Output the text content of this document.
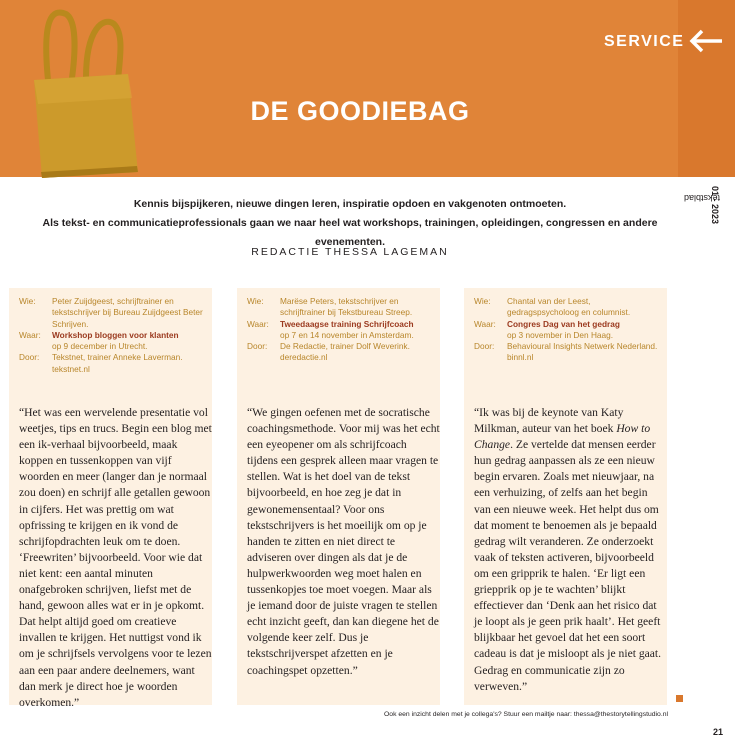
DE GOODIEBAG
SERVICE
tekstblad
01 - 2023
Kennis bijspijkeren, nieuwe dingen leren, inspiratie opdoen en vakgenoten ontmoeten.
Als tekst- en communicatieprofessionals gaan we naar heel wat workshops, trainingen, opleidingen, congressen en andere evenementen.
REDACTIE THESSA LAGEMAN
Wie:	Peter Zuijdgeest, schrijftrainer en tekstschrijver bij Bureau Zuijdgeest Beter Schrijven.
Waar:	Workshop bloggen voor klanten
op 9 december in Utrecht.
Door:	Tekstnet, trainer Anneke Laverman. tekstnet.nl
“Het was een wervelende presentatie vol weetjes, tips en trucs. Begin een blog met een ik-verhaal bijvoorbeeld, maak koppen en tussenkoppen van vijf woorden en meer (langer dan je normaal zou doen) en schrijf alle getallen gewoon in cijfers. Het was prettig om wat opfrissing te krijgen en ik vond de schrijfopdrachten leuk om te doen. ‘Freewriten’ bijvoorbeeld. Voor wie dat niet kent: een aantal minuten onafgebroken schrijven, liefst met de hand, gewoon alles wat er in je opkomt. Dat helpt altijd goed om creatieve invallen te krijgen. Het nuttigst vond ik om je schrijfsels vervolgens voor te lezen aan een paar andere deelnemers, want dan merk je direct hoe je woorden overkomen.”
Wie:	Marëse Peters, tekstschrijver en schrijftrainer bij Tekstbureau Streep.
Waar:	Tweedaagse training Schrijfcoach
op 7 en 14 november in Amsterdam.
Door:	De Redactie, trainer Dolf Weverink. deredactie.nl
“We gingen oefenen met de socratische coachingsmethode. Voor mij was het echt een eyeopener om als schrijfcoach tijdens een gesprek alleen maar vragen te stellen. Wat is het doel van de tekst bijvoorbeeld, en hoe zeg je dat in gewonemensentaal? Voor ons tekstschrijvers is het moeilijk om op je handen te zitten en niet direct te adviseren over dingen als dat je de hulpwerkwoorden weg moet halen en tussenkopjes toe moet voegen. Maar als je iemand door de juiste vragen te stellen echt inzicht geeft, dan kan diegene het de volgende keer zelf. Dus je tekstschrijverspet afzetten en je coachingspet opzetten.”
Wie:	Chantal van der Leest, gedragspsycholoog en columnist.
Waar:	Congres Dag van het gedrag
op 3 november in Den Haag.
Door:	Behavioural Insights Netwerk Nederland. binnl.nl
“Ik was bij de keynote van Katy Milkman, auteur van het boek How to Change. Ze vertelde dat mensen eerder hun gedrag aanpassen als ze een nieuw begin ervaren. Zoals met nieuwjaar, na een verhuizing, of zelfs aan het begin van een nieuwe week. Het helpt dus om dat moment te benoemen als je bepaald gedrag wilt veranderen. Ze onderzoekt vaak of teksten activeren, bijvoorbeeld om een gripprik te halen. ‘Er ligt een griepprik op je te wachten’ blijkt effectiever dan ‘Denk aan het risico dat je loopt als je geen prik haalt’. Het geeft blijkbaar het gevoel dat het een soort cadeau is dat je misloopt als je niet gaat. Gedrag en communicatie zijn zo verweven.”
Ook een inzicht delen met je collega's? Stuur een mailtje naar: thessa@thestorytellingstudio.nl
21
